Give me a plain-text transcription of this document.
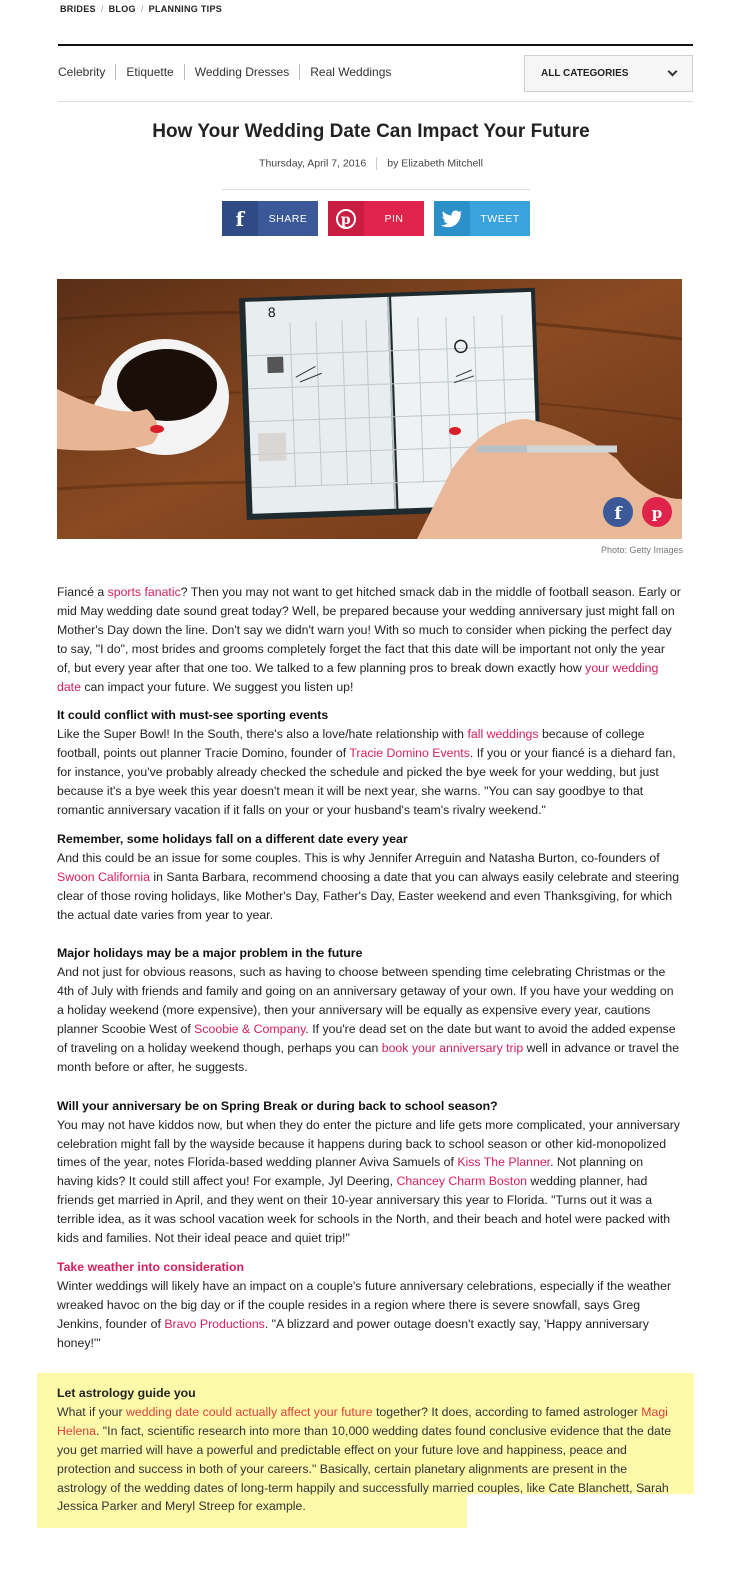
BRIDES / BLOG / PLANNING TIPS
Celebrity	Etiquette	Wedding Dresses	Real Weddings	ALL CATEGORIES
How Your Wedding Date Can Impact Your Future
Thursday, April 7, 2016 by Elizabeth Mitchell
f	SHARE	p	PIN	TWEET
8
f p
Photo: Getty Images

Fiancé a sports fanatic? Then you may not want to get hitched smack dab in the middle of football season. Early or mid May wedding date sound great today? Well, be prepared because your wedding anniversary just might fall on Mother's Day down the line. Don't say we didn't warn you! With so much to consider when picking the perfect day to say, "I do", most brides and grooms completely forget the fact that this date will be important not only the year of, but every year after that one too. We talked to a few planning pros to break down exactly how your wedding date can impact your future. We suggest you listen up!

It could conflict with must-see sporting events

Like the Super Bowl! In the South, there's also a love/hate relationship with fall weddings because of college football, points out planner Tracie Domino, founder of Tracie Domino Events. If you or your fiancé is a diehard fan, for instance, you've probably already checked the schedule and picked the bye week for your wedding, but just because it's a bye week this year doesn't mean it will be next year, she warns. "You can say goodbye to that romantic anniversary vacation if it falls on your or your husband's team's rivalry weekend."

Remember, some holidays fall on a different date every year

And this could be an issue for some couples. This is why Jennifer Arreguin and Natasha Burton, co-founders of Swoon California in Santa Barbara, recommend choosing a date that you can always easily celebrate and steering clear of those roving holidays, like Mother's Day, Father's Day, Easter weekend and even Thanksgiving, for which the actual date varies from year to year.

Major holidays may be a major problem in the future

And not just for obvious reasons, such as having to choose between spending time celebrating Christmas or the 4th of July with friends and family and going on an anniversary getaway of your own. If you have your wedding on a holiday weekend (more expensive), then your anniversary will be equally as expensive every year, cautions planner Scoobie West of Scoobie & Company. If you're dead set on the date but want to avoid the added expense of traveling on a holiday weekend though, perhaps you can book your anniversary trip well in advance or travel the month before or after, he suggests.

Will your anniversary be on Spring Break or during back to school season?

You may not have kiddos now, but when they do enter the picture and life gets more complicated, your anniversary celebration might fall by the wayside because it happens during back to school season or other kid-monopolized times of the year, notes Florida-based wedding planner Aviva Samuels of Kiss The Planner. Not planning on having kids? It could still affect you! For example, Jyl Deering, Chancey Charm Boston wedding planner, had friends get married in April, and they went on their 10-year anniversary this year to Florida. "Turns out it was a terrible idea, as it was school vacation week for schools in the North, and their beach and hotel were packed with kids and families. Not their ideal peace and quiet trip!"

Take weather into consideration

Winter weddings will likely have an impact on a couple's future anniversary celebrations, especially if the weather wreaked havoc on the big day or if the couple resides in a region where there is severe snowfall, says Greg Jenkins, founder of Bravo Productions. "A blizzard and power outage doesn't exactly say, 'Happy anniversary honey!'"

Let astrology guide you

What if your wedding date could actually affect your future together? It does, according to famed astrologer Magi Helena. "In fact, scientific research into more than 10,000 wedding dates found conclusive evidence that the date you get married will have a powerful and predictable effect on your future love and happiness, peace and protection and success in both of your careers." Basically, certain planetary alignments are present in the astrology of the wedding dates of long-term happily and successfully married couples, like Cate Blanchett, Sarah Jessica Parker and Meryl Streep for example.
